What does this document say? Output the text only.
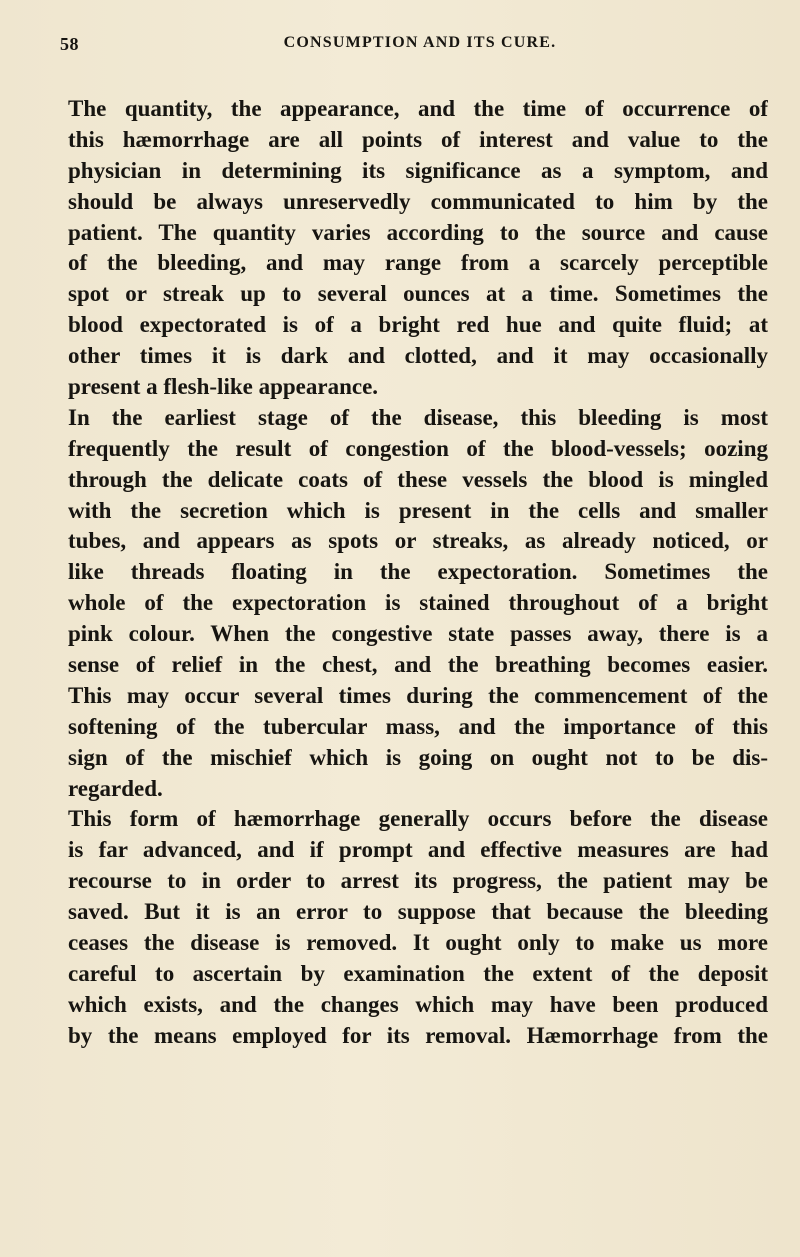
58	CONSUMPTION AND ITS CURE.
The quantity, the appearance, and the time of occurrence of
this hæmorrhage are all points of interest and value to the
physician in determining its significance as a symptom, and
should be always unreservedly communicated to him by the
patient. The quantity varies according to the source and cause
of the bleeding, and may range from a scarcely perceptible
spot or streak up to several ounces at a time. Sometimes the
blood expectorated is of a bright red hue and quite fluid; at
other times it is dark and clotted, and it may occasionally
present a flesh-like appearance.
In the earliest stage of the disease, this bleeding is most
frequently the result of congestion of the blood-vessels; oozing
through the delicate coats of these vessels the blood is mingled
with the secretion which is present in the cells and smaller
tubes, and appears as spots or streaks, as already noticed, or
like threads floating in the expectoration. Sometimes the
whole of the expectoration is stained throughout of a bright
pink colour. When the congestive state passes away, there is a
sense of relief in the chest, and the breathing becomes easier.
This may occur several times during the commencement of the
softening of the tubercular mass, and the importance of this
sign of the mischief which is going on ought not to be dis-
regarded.
This form of hæmorrhage generally occurs before the disease
is far advanced, and if prompt and effective measures are had
recourse to in order to arrest its progress, the patient may be
saved. But it is an error to suppose that because the bleeding
ceases the disease is removed. It ought only to make us more
careful to ascertain by examination the extent of the deposit
which exists, and the changes which may have been produced
by the means employed for its removal. Hæmorrhage from the
